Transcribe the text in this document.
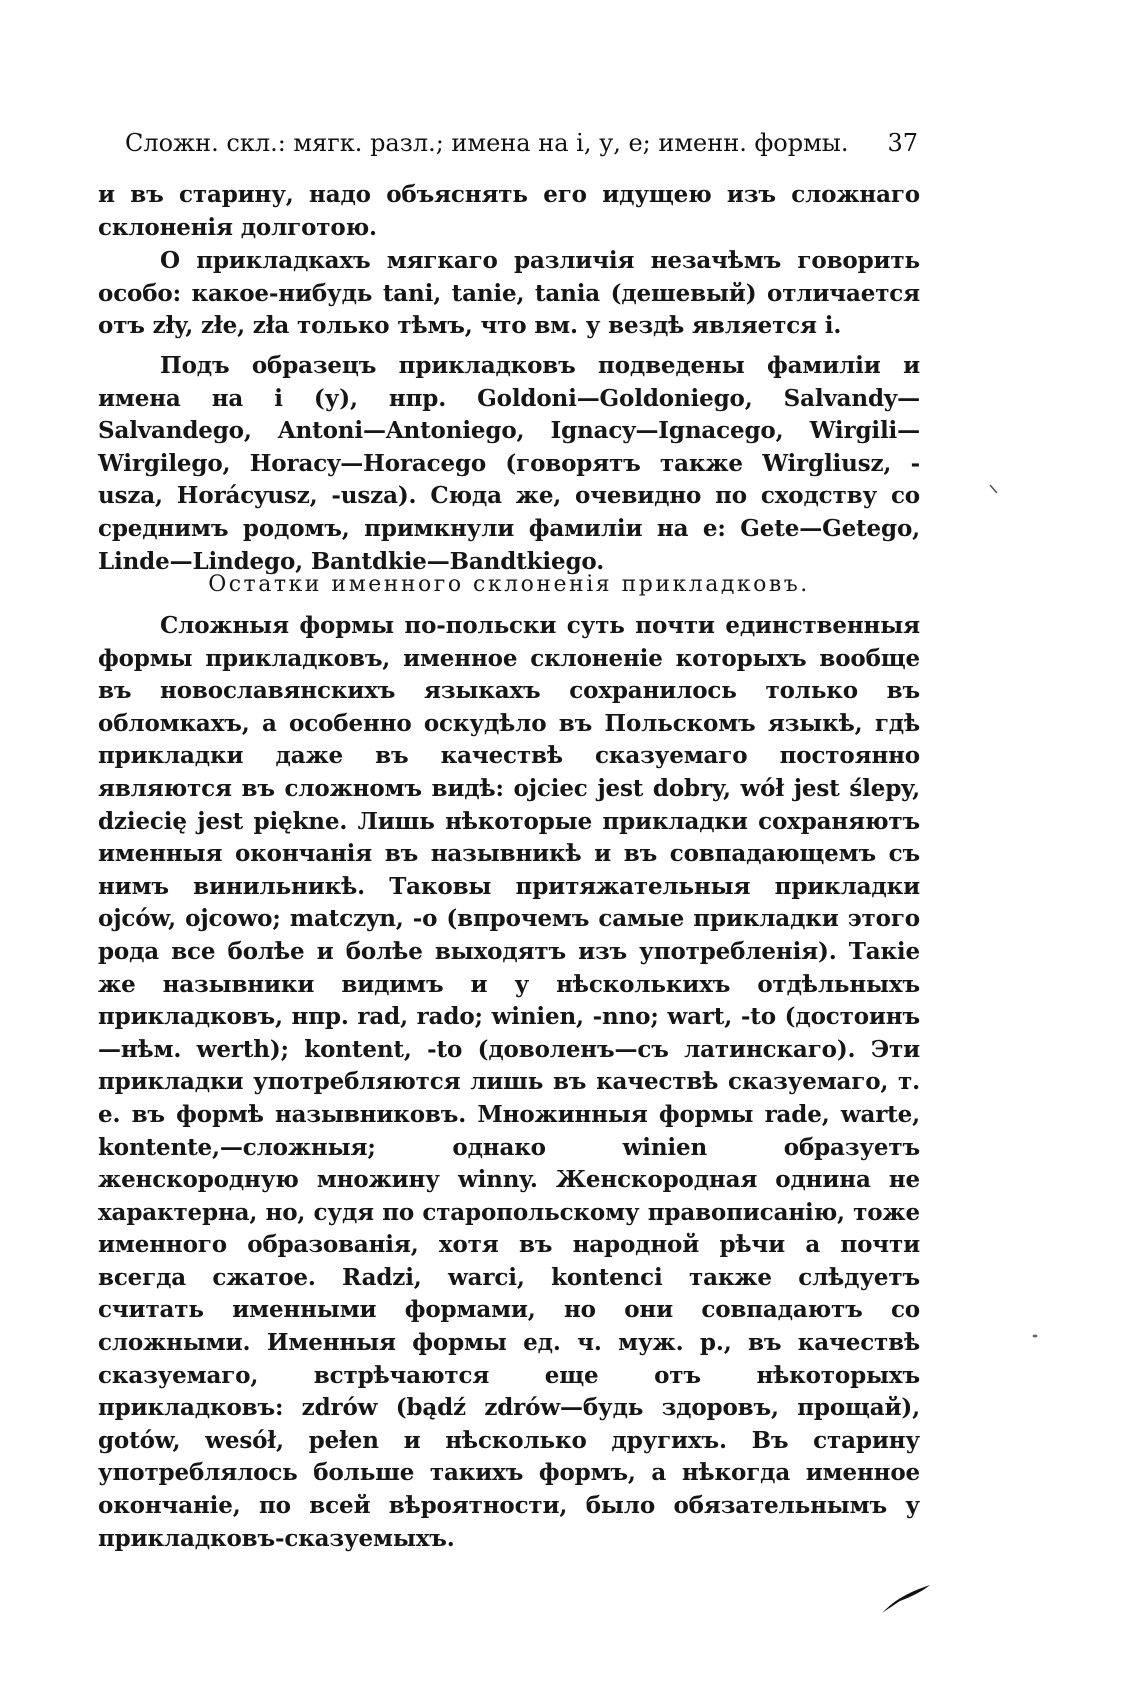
Сложн. скл.: мягк. разл.; имена на і, у, е; именн. формы. 37

и въ старину, надо объяснять его идущею изъ сложнаго склоненія долготою.

О прикладкахъ мягкаго различія незачѣмъ говорить особо: какое-нибудь tani, tanie, tania (дешевый) отличается отъ zły, złe, zła только тѣмъ, что вм. у вездѣ является і.

Подъ образецъ прикладковъ подведены фамиліи и имена на і (у), нпр. Goldoni—Goldoniego, Salvandy—Salvandego, Antoni—Antoniego, Ignacy—Ignacego, Wirgili—Wirgilego, Horacy—Horacego (говорятъ также Wirgliusz, -usza, Horácyusz, -usza). Сюда же, очевидно по сходству со среднимъ родомъ, примкнули фамиліи на е: Gete—Getego, Linde—Lindego, Bantdkie—Bandtkiego.

Остатки именного склоненія прикладковъ.

Сложныя формы по-польски суть почти единственныя формы прикладковъ, именное склоненіе которыхъ вообще въ новославянскихъ языкахъ сохранилось только въ обломкахъ, а особенно оскудѣло въ Польскомъ языкѣ, гдѣ прикладки даже въ качествѣ сказуемаго постоянно являются въ сложномъ видѣ: ojciec jest dobry, wół jest ślepy, dziecię jest piękne. Лишь нѣкоторые прикладки сохраняютъ именныя окончанія въ назывникѣ и въ совпадающемъ съ нимъ винильникѣ. Таковы притяжательныя прикладки ojców, ojcowo; matczyn, -o (впрочемъ самые прикладки этого рода все болѣе и болѣе выходятъ изъ употребленія). Такіе же назывники видимъ и у нѣсколькихъ отдѣльныхъ прикладковъ, нпр. rad, rado; winien, -nno; wart, -to (достоинъ—нѣм. werth); kontent, -to (доволенъ—съ латинскаго). Эти прикладки употребляются лишь въ качествѣ сказуемаго, т. е. въ формѣ назывниковъ. Множинныя формы rade, warte, kontente,—сложныя; однако winien образуетъ женскородную множину winny. Женскородная однина не характерна, но, судя по старопольскому правописанію, тоже именного образованія, хотя въ народной рѣчи а почти всегда сжатое. Radzi, warci, kontenci также слѣдуетъ считать именными формами, но они совпадаютъ со сложными. Именныя формы ед. ч. муж. р., въ качествѣ сказуемаго, встрѣчаются еще отъ нѣкоторыхъ прикладковъ: zdrów (bądź zdrów—будь здоровъ, прощай), gotów, wesół, pełen и нѣсколько другихъ. Въ старину употреблялось больше такихъ формъ, а нѣкогда именное окончаніе, по всей вѣроятности, было обязательнымъ у прикладковъ-сказуемыхъ.
